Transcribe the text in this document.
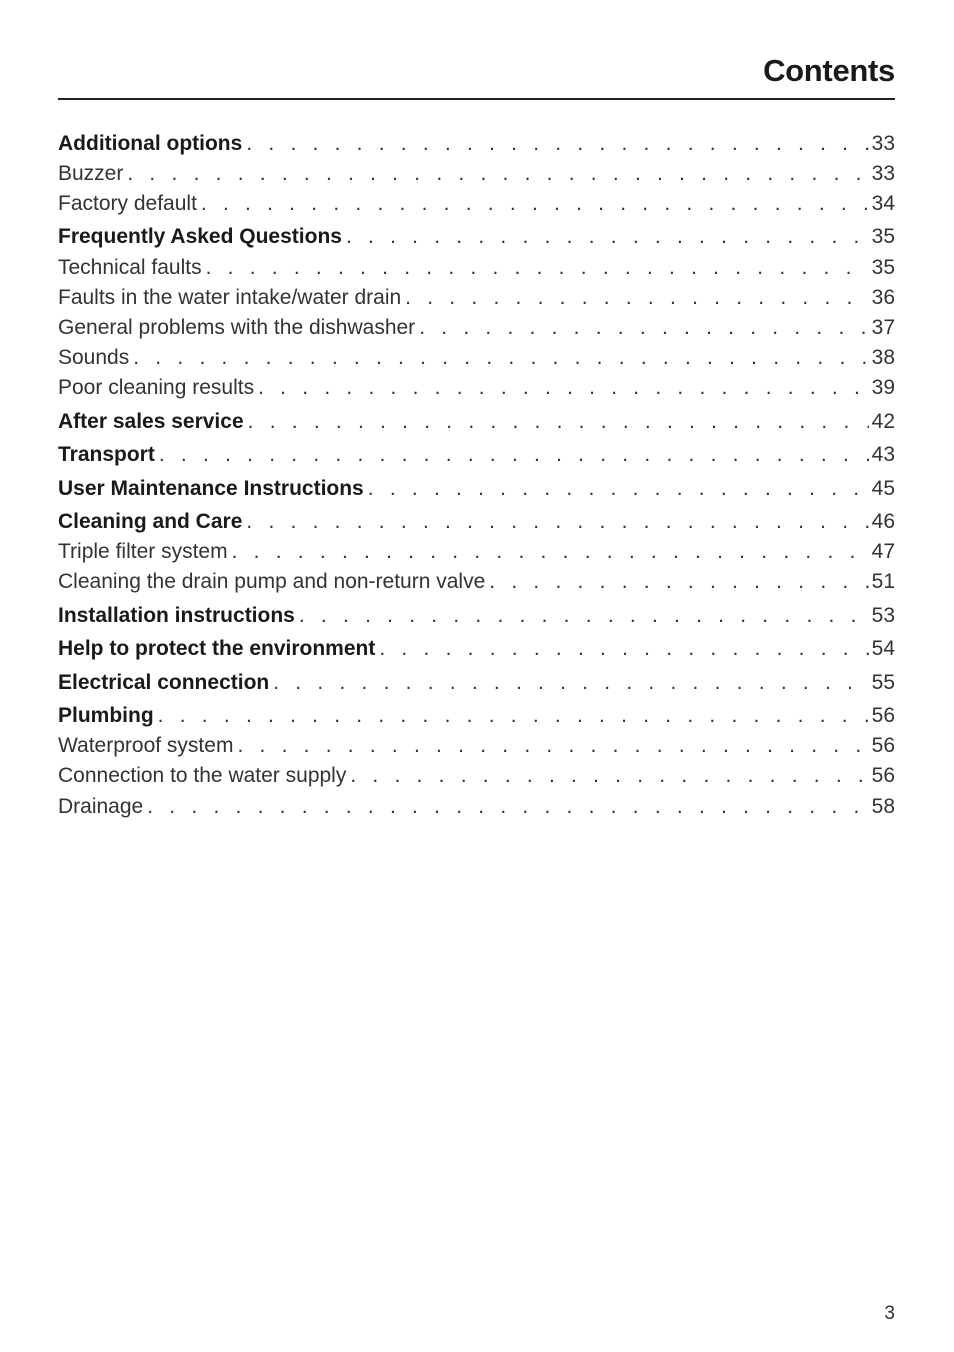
Contents
Additional options . . .	33
Buzzer . . .	33
Factory default . . .	34
Frequently Asked Questions . . .	35
Technical faults . . .	35
Faults in the water intake/water drain . . .	36
General problems with the dishwasher . . .	37
Sounds . . .	38
Poor cleaning results . . .	39
After sales service . . .	42
Transport . . .	43
User Maintenance Instructions . . .	45
Cleaning and Care . . .	46
Triple filter system . . .	47
Cleaning the drain pump and non-return valve . . .	51
Installation instructions . . .	53
Help to protect the environment . . .	54
Electrical connection . . .	55
Plumbing . . .	56
Waterproof system . . .	56
Connection to the water supply . . .	56
Drainage . . .	58
3
